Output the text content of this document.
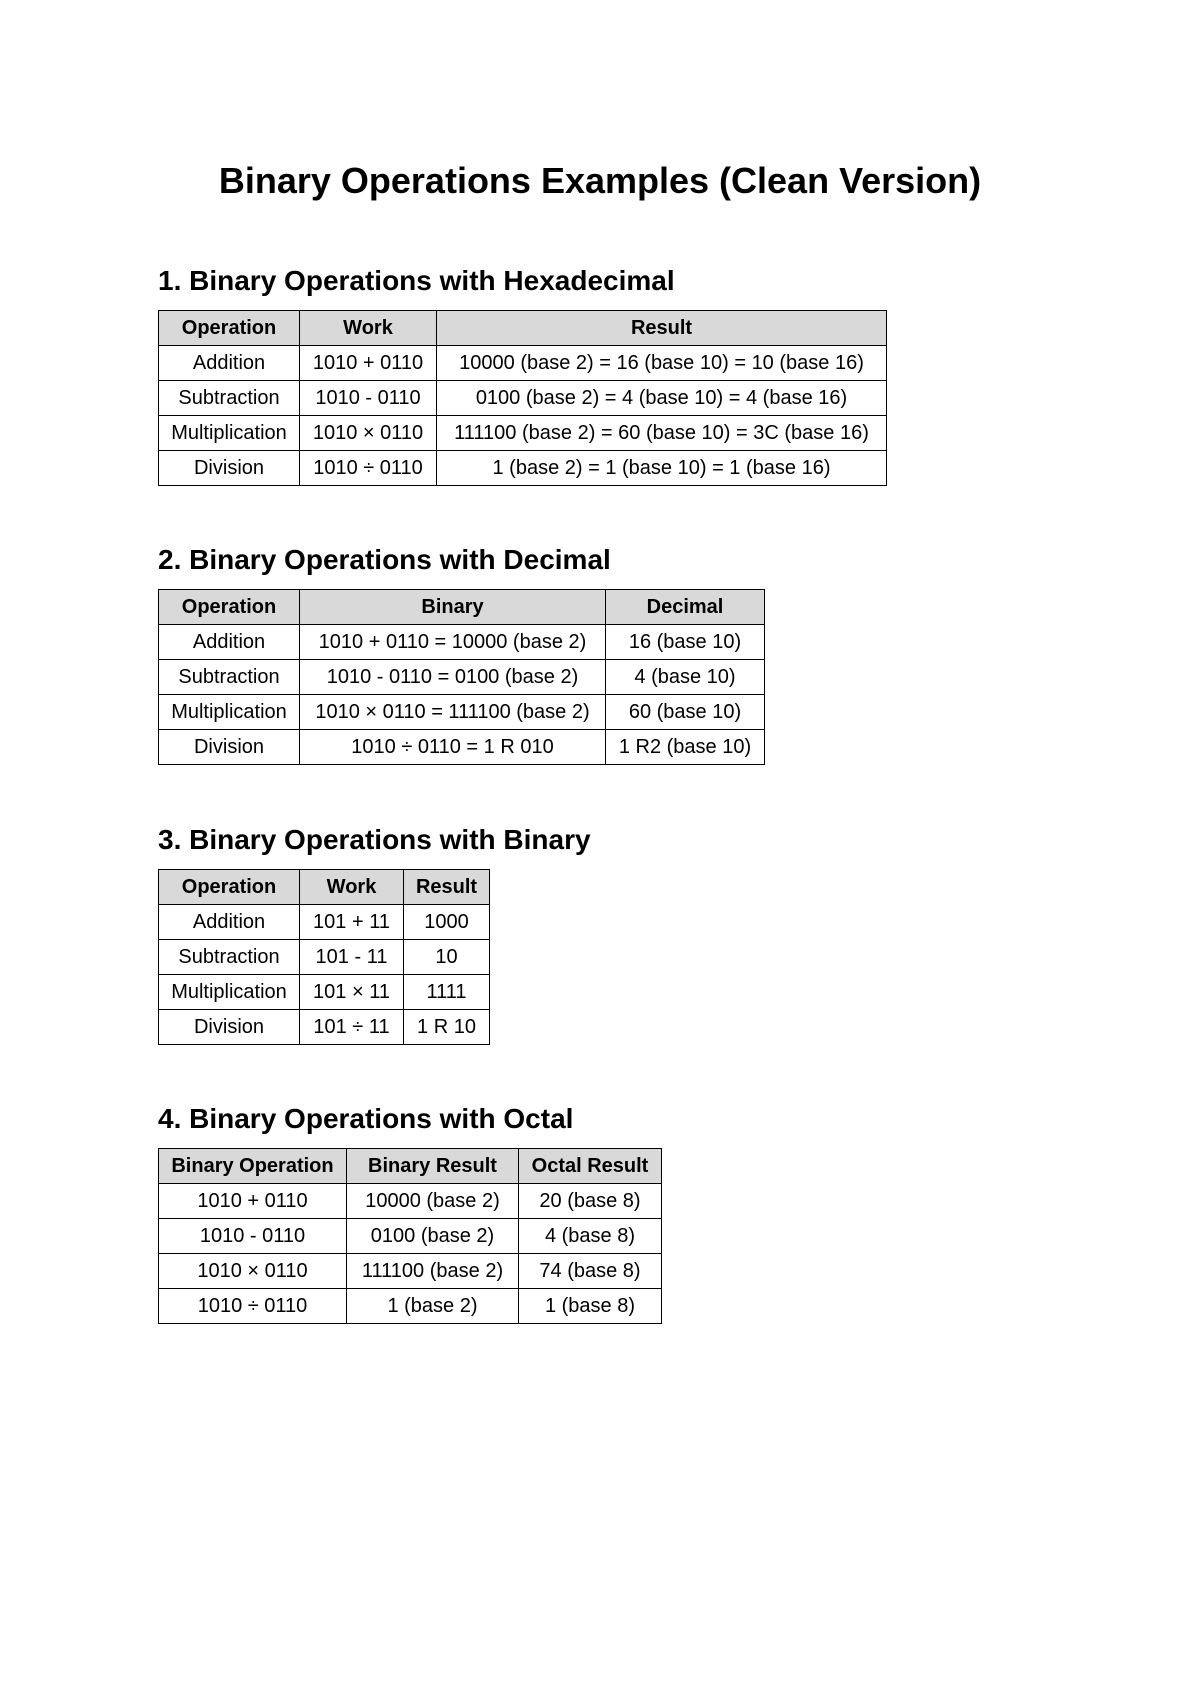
Binary Operations Examples (Clean Version)
1. Binary Operations with Hexadecimal
Operation	Work	Result
Addition	1010 + 0110	10000 (base 2) = 16 (base 10) = 10 (base 16)
Subtraction	1010 - 0110	0100 (base 2) = 4 (base 10) = 4 (base 16)
Multiplication	1010 × 0110	111100 (base 2) = 60 (base 10) = 3C (base 16)
Division	1010 ÷ 0110	1 (base 2) = 1 (base 10) = 1 (base 16)
2. Binary Operations with Decimal
Operation	Binary	Decimal
Addition	1010 + 0110 = 10000 (base 2)	16 (base 10)
Subtraction	1010 - 0110 = 0100 (base 2)	4 (base 10)
Multiplication	1010 × 0110 = 111100 (base 2)	60 (base 10)
Division	1010 ÷ 0110 = 1 R 010	1 R2 (base 10)
3. Binary Operations with Binary
Operation	Work	Result
Addition	101 + 11	1000
Subtraction	101 - 11	10
Multiplication	101 × 11	1111
Division	101 ÷ 11	1 R 10
4. Binary Operations with Octal
Binary Operation	Binary Result	Octal Result
1010 + 0110	10000 (base 2)	20 (base 8)
1010 - 0110	0100 (base 2)	4 (base 8)
1010 × 0110	111100 (base 2)	74 (base 8)
1010 ÷ 0110	1 (base 2)	1 (base 8)
